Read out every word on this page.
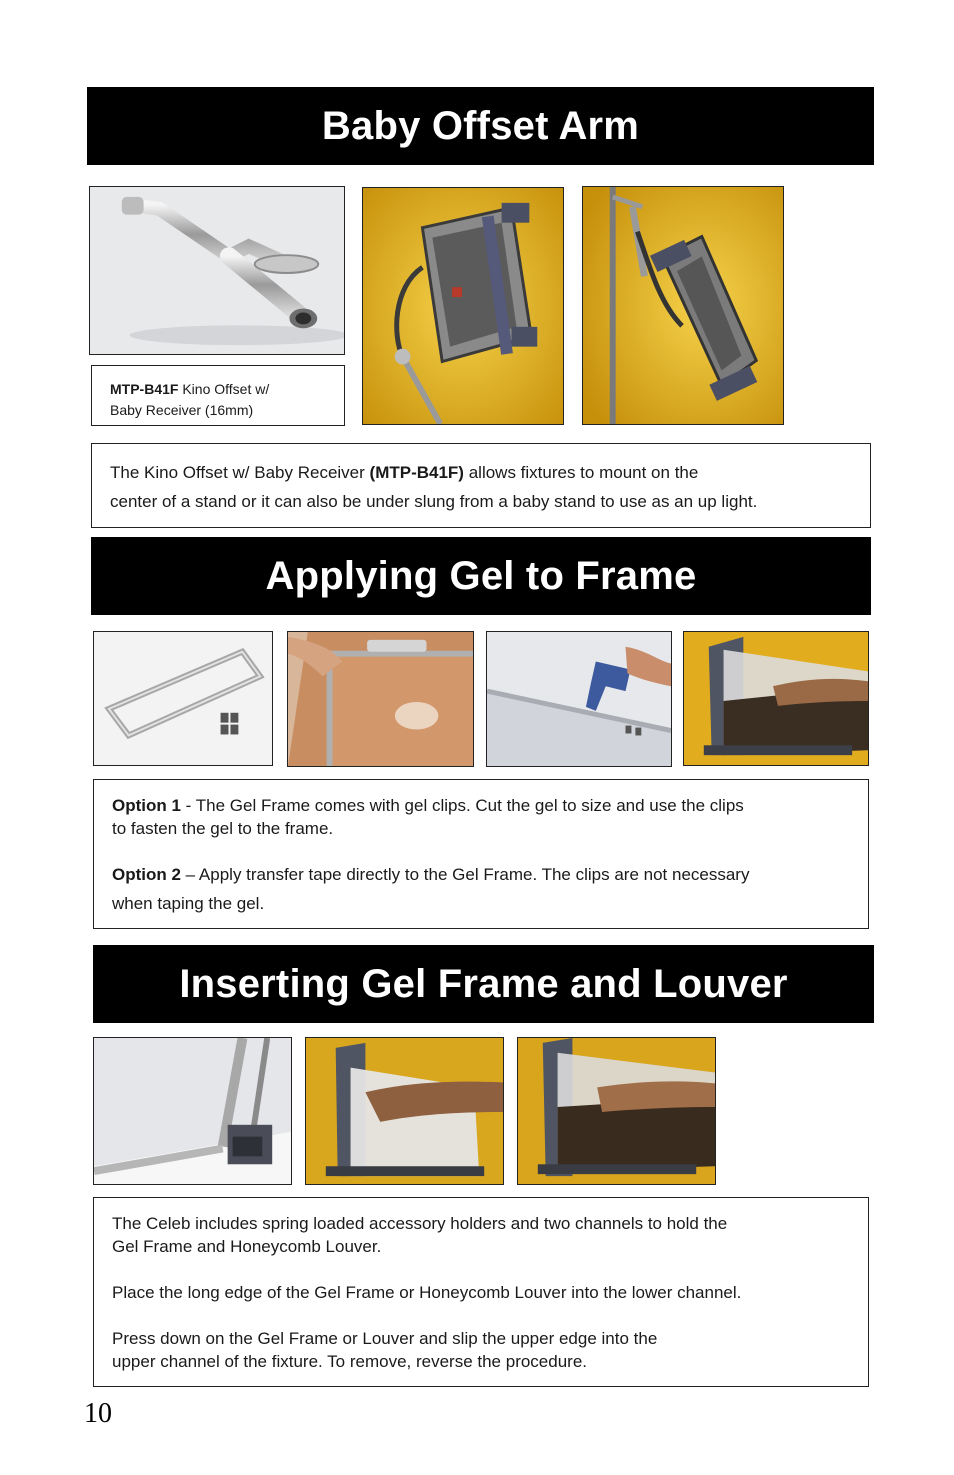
Baby Offset Arm

MTP-B41F Kino Offset w/

Baby Receiver (16mm)

The Kino Offset w/ Baby Receiver (MTP-B41F) allows fixtures to mount on the

center of a stand or it can also be under slung from a baby stand to use as an up light.

Applying Gel to Frame

Option 1 - The Gel Frame comes with gel clips. Cut the gel to size and use the clips

to fasten the gel to the frame.

Option 2 – Apply transfer tape directly to the Gel Frame. The clips are not necessary

when taping the gel.

Inserting Gel Frame and Louver

The Celeb includes spring loaded accessory holders and two channels to hold the

Gel Frame and Honeycomb Louver.

Place the long edge of the Gel Frame or Honeycomb Louver into the lower channel.

Press down on the Gel Frame or Louver and slip the upper edge into the

upper channel of the fixture. To remove, reverse the procedure.

10
